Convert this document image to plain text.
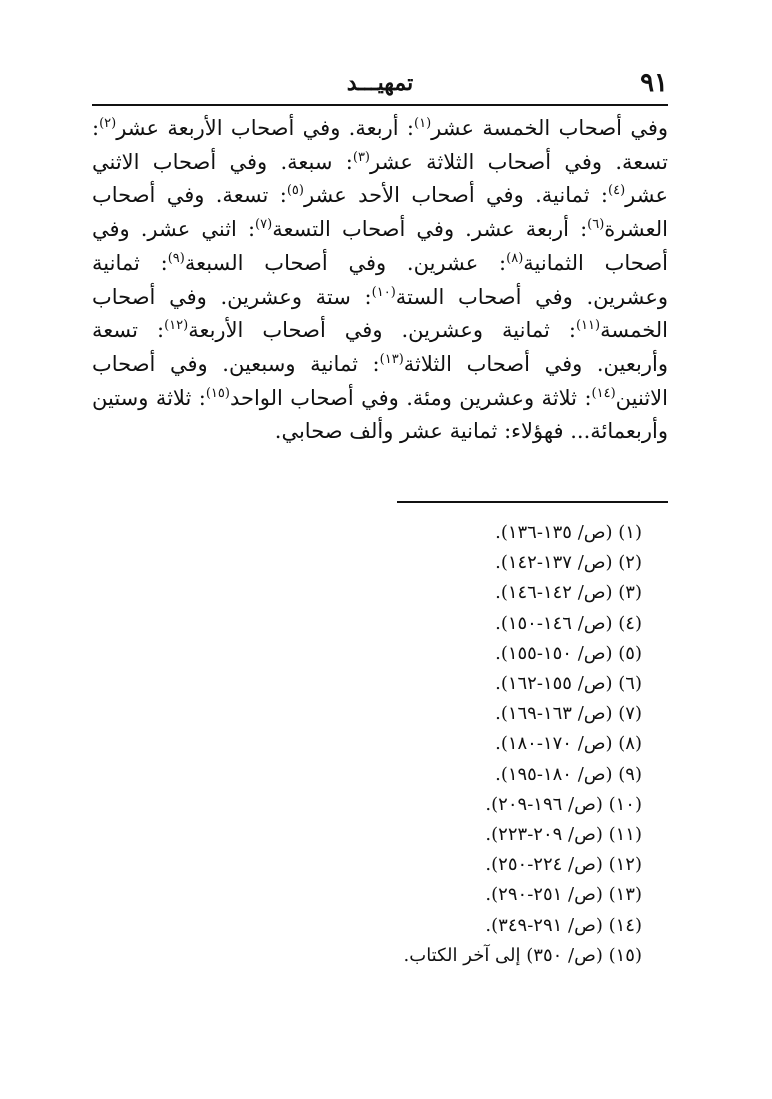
٩١
تمهيـــد

وفي أصحاب الخمسة عشر$^{(١)}$: أربعة. وفي أصحاب الأربعة عشر$^{(٢)}$: تسعة. وفي أصحاب الثلاثة عشر$^{(٣)}$: سبعة. وفي أصحاب الاثني عشر$^{(٤)}$: ثمانية. وفي أصحاب الأحد عشر$^{(٥)}$: تسعة. وفي أصحاب العشرة$^{(٦)}$: أربعة عشر. وفي أصحاب التسعة$^{(٧)}$: اثني عشر. وفي أصحاب الثمانية$^{(٨)}$: عشرين. وفي أصحاب السبعة$^{(٩)}$: ثمانية وعشرين. وفي أصحاب الستة$^{(١٠)}$: ستة وعشرين. وفي أصحاب الخمسة$^{(١١)}$: ثمانية وعشرين. وفي أصحاب الأربعة$^{(١٢)}$: تسعة وأربعين. وفي أصحاب الثلاثة$^{(١٣)}$: ثمانية وسبعين. وفي أصحاب الاثنين$^{(١٤)}$: ثلاثة وعشرين ومئة. وفي أصحاب الواحد$^{(١٥)}$: ثلاثة وستين وأربعمائة... فهؤلاء: ثمانية عشر وألف صحابي.

(١) (ص/ ١٣٥-١٣٦).
(٢) (ص/ ١٣٧-١٤٢).
(٣) (ص/ ١٤٢-١٤٦).
(٤) (ص/ ١٤٦-١٥٠).
(٥) (ص/ ١٥٠-١٥٥).
(٦) (ص/ ١٥٥-١٦٢).
(٧) (ص/ ١٦٣-١٦٩).
(٨) (ص/ ١٧٠-١٨٠).
(٩) (ص/ ١٨٠-١٩٥).
(١٠) (ص/ ١٩٦-٢٠٩).
(١١) (ص/ ٢٠٩-٢٢٣).
(١٢) (ص/ ٢٢٤-٢٥٠).
(١٣) (ص/ ٢٥١-٢٩٠).
(١٤) (ص/ ٢٩١-٣٤٩).
(١٥) (ص/ ٣٥٠) إلى آخر الكتاب.
